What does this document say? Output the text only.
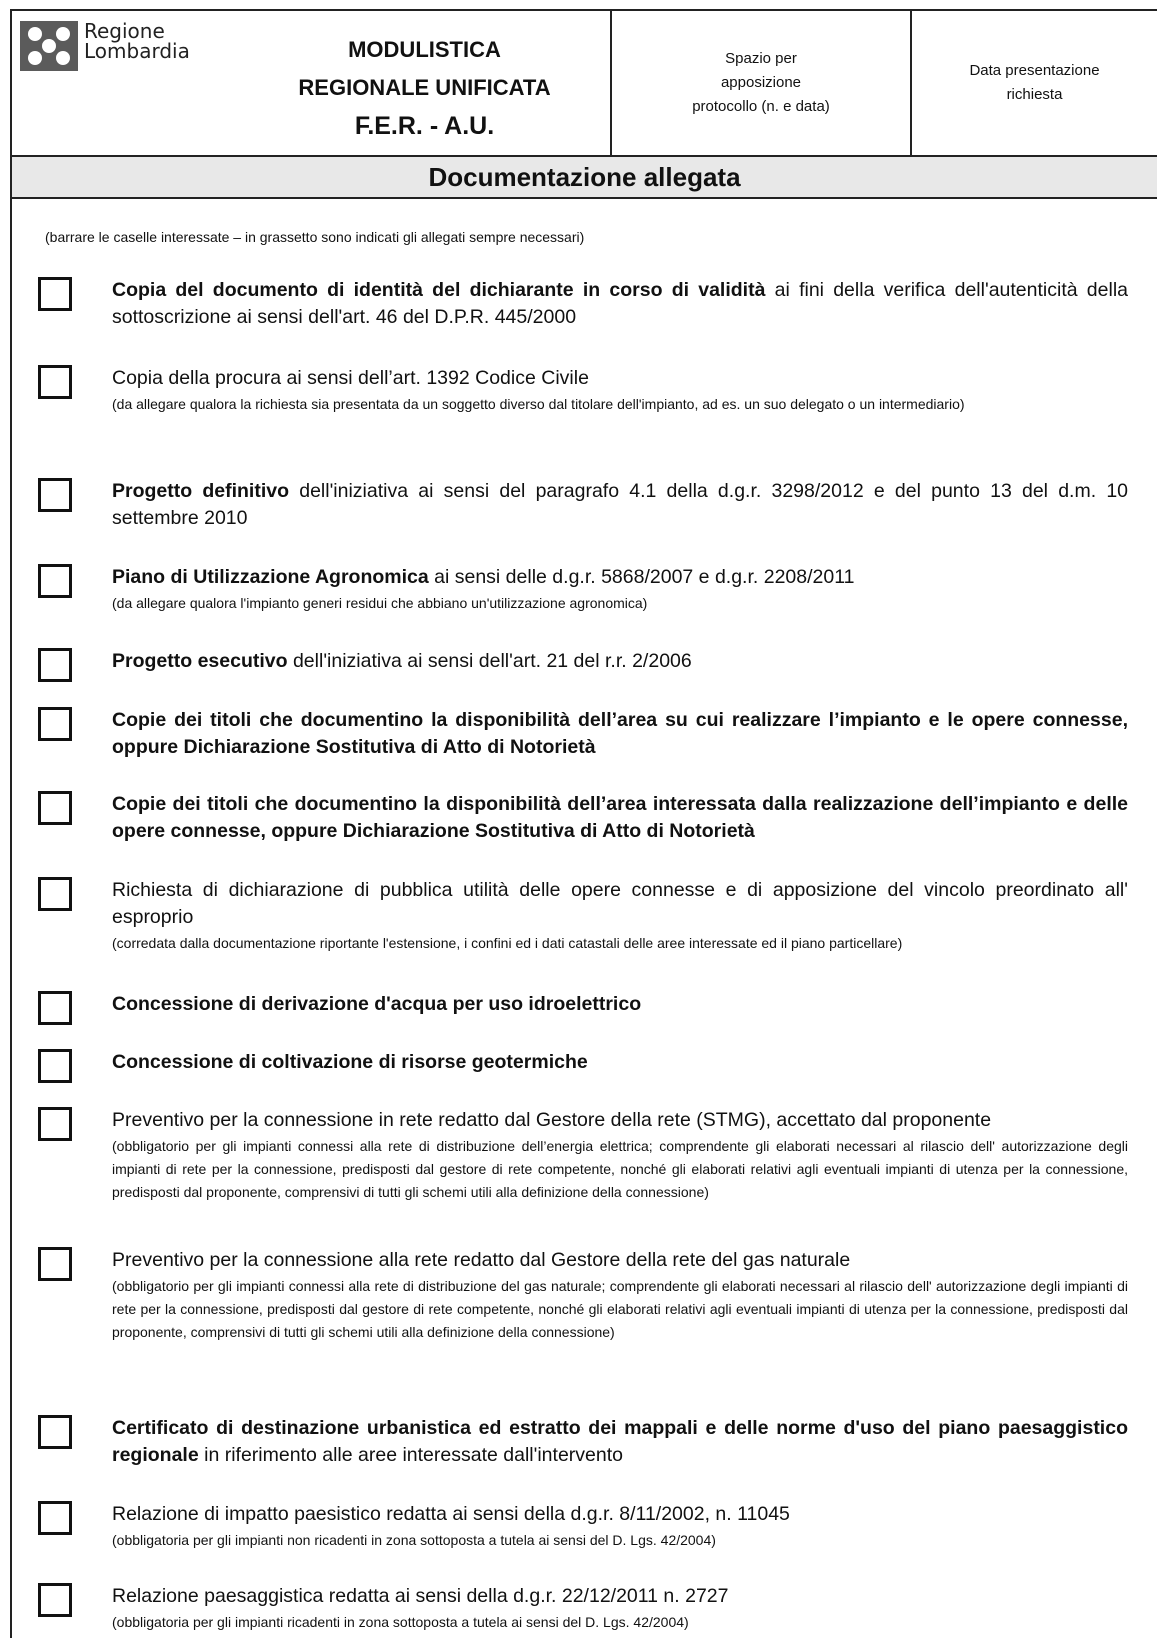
Regione
Lombardia	MODULISTICA
REGIONALE UNIFICATA
F.E.R. - A.U.
Spazio per
apposizione
protocollo (n. e data)
Data presentazione
richiesta
Documentazione allegata
(barrare le caselle interessate – in grassetto sono indicati gli allegati sempre necessari)
Copia del documento di identità del dichiarante in corso di validità ai fini della verifica dell'autenticità della sottoscrizione ai sensi dell'art. 46 del D.P.R. 445/2000
Copia della procura ai sensi dell’art. 1392 Codice Civile
(da allegare qualora la richiesta sia presentata da un soggetto diverso dal titolare dell'impianto, ad es. un suo delegato o un intermediario)
Progetto definitivo dell'iniziativa ai sensi del paragrafo 4.1 della d.g.r. 3298/2012 e del punto 13 del d.m. 10 settembre 2010
Piano di Utilizzazione Agronomica ai sensi delle d.g.r. 5868/2007 e d.g.r. 2208/2011
(da allegare qualora l'impianto generi residui che abbiano un'utilizzazione agronomica)
Progetto esecutivo dell'iniziativa ai sensi dell'art. 21 del r.r. 2/2006
Copie dei titoli che documentino la disponibilità dell’area su cui realizzare l’impianto e le opere connesse, oppure Dichiarazione Sostitutiva di Atto di Notorietà
Copie dei titoli che documentino la disponibilità dell’area interessata dalla realizzazione dell’impianto e delle opere connesse, oppure Dichiarazione Sostitutiva di Atto di Notorietà
Richiesta di dichiarazione di pubblica utilità delle opere connesse e di apposizione del vincolo preordinato all' esproprio
(corredata dalla documentazione riportante l'estensione, i confini ed i dati catastali delle aree interessate ed il piano particellare)
Concessione di derivazione d'acqua per uso idroelettrico
Concessione di coltivazione di risorse geotermiche
Preventivo per la connessione in rete redatto dal Gestore della rete (STMG), accettato dal proponente
(obbligatorio per gli impianti connessi alla rete di distribuzione dell’energia elettrica; comprendente gli elaborati necessari al rilascio dell' autorizzazione degli impianti di rete per la connessione, predisposti dal gestore di rete competente, nonché gli elaborati relativi agli eventuali impianti di utenza per la connessione, predisposti dal proponente, comprensivi di tutti gli schemi utili alla definizione della connessione)
Preventivo per la connessione alla rete redatto dal Gestore della rete del gas naturale
(obbligatorio per gli impianti connessi alla rete di distribuzione del gas naturale; comprendente gli elaborati necessari al rilascio dell' autorizzazione degli impianti di rete per la connessione, predisposti dal gestore di rete competente, nonché gli elaborati relativi agli eventuali impianti di utenza per la connessione, predisposti dal proponente, comprensivi di tutti gli schemi utili alla definizione della connessione)
Certificato di destinazione urbanistica ed estratto dei mappali e delle norme d'uso del piano paesaggistico regionale in riferimento alle aree interessate dall'intervento
Relazione di impatto paesistico redatta ai sensi della d.g.r. 8/11/2002, n. 11045
(obbligatoria per gli impianti non ricadenti in zona sottoposta a tutela ai sensi del D. Lgs. 42/2004)
Relazione paesaggistica redatta ai sensi della d.g.r. 22/12/2011 n. 2727
(obbligatoria per gli impianti ricadenti in zona sottoposta a tutela ai sensi del D. Lgs. 42/2004)
